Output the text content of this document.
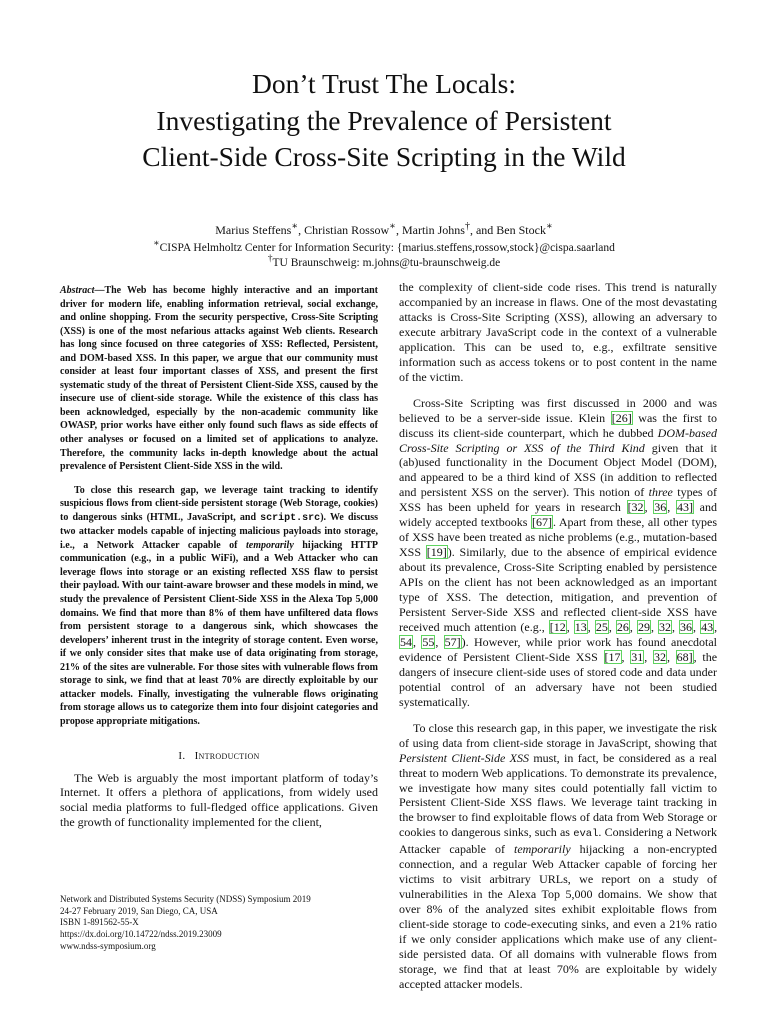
Don’t Trust The Locals:
Investigating the Prevalence of Persistent
Client-Side Cross-Site Scripting in the Wild
Marius Steffens∗, Christian Rossow∗, Martin Johns†, and Ben Stock∗
∗CISPA Helmholtz Center for Information Security: {marius.steffens,rossow,stock}@cispa.saarland
†TU Braunschweig: m.johns@tu-braunschweig.de

Abstract—The Web has become highly interactive and an important driver for modern life, enabling information retrieval, social exchange, and online shopping. From the security perspective, Cross-Site Scripting (XSS) is one of the most nefarious attacks against Web clients. Research has long since focused on three categories of XSS: Reflected, Persistent, and DOM-based XSS. In this paper, we argue that our community must consider at least four important classes of XSS, and present the first systematic study of the threat of Persistent Client-Side XSS, caused by the insecure use of client-side storage. While the existence of this class has been acknowledged, especially by the non-academic community like OWASP, prior works have either only found such flaws as side effects of other analyses or focused on a limited set of applications to analyze. Therefore, the community lacks in-depth knowledge about the actual prevalence of Persistent Client-Side XSS in the wild.

To close this research gap, we leverage taint tracking to identify suspicious flows from client-side persistent storage (Web Storage, cookies) to dangerous sinks (HTML, JavaScript, and script.src). We discuss two attacker models capable of injecting malicious payloads into storage, i.e., a Network Attacker capable of temporarily hijacking HTTP communication (e.g., in a public WiFi), and a Web Attacker who can leverage flows into storage or an existing reflected XSS flaw to persist their payload. With our taint-aware browser and these models in mind, we study the prevalence of Persistent Client-Side XSS in the Alexa Top 5,000 domains. We find that more than 8% of them have unfiltered data flows from persistent storage to a dangerous sink, which showcases the developers’ inherent trust in the integrity of storage content. Even worse, if we only consider sites that make use of data originating from storage, 21% of the sites are vulnerable. For those sites with vulnerable flows from storage to sink, we find that at least 70% are directly exploitable by our attacker models. Finally, investigating the vulnerable flows originating from storage allows us to categorize them into four disjoint categories and propose appropriate mitigations.

I. Introduction

The Web is arguably the most important platform of today’s Internet. It offers a plethora of applications, from widely used social media platforms to full-fledged office applications. Given the growth of functionality implemented for the client,

Network and Distributed Systems Security (NDSS) Symposium 2019
24-27 February 2019, San Diego, CA, USA
ISBN 1-891562-55-X
https://dx.doi.org/10.14722/ndss.2019.23009
www.ndss-symposium.org

the complexity of client-side code rises. This trend is naturally accompanied by an increase in flaws. One of the most devastating attacks is Cross-Site Scripting (XSS), allowing an adversary to execute arbitrary JavaScript code in the context of a vulnerable application. This can be used to, e.g., exfiltrate sensitive information such as access tokens or to post content in the name of the victim.

Cross-Site Scripting was first discussed in 2000 and was believed to be a server-side issue. Klein [26] was the first to discuss its client-side counterpart, which he dubbed DOM-based Cross-Site Scripting or XSS of the Third Kind given that it (ab)used functionality in the Document Object Model (DOM), and appeared to be a third kind of XSS (in addition to reflected and persistent XSS on the server). This notion of three types of XSS has been upheld for years in research [32, 36, 43] and widely accepted textbooks [67]. Apart from these, all other types of XSS have been treated as niche problems (e.g., mutation-based XSS [19]). Similarly, due to the absence of empirical evidence about its prevalence, Cross-Site Scripting enabled by persistence APIs on the client has not been acknowledged as an important type of XSS. The detection, mitigation, and prevention of Persistent Server-Side XSS and reflected client-side XSS have received much attention (e.g., [12, 13, 25, 26, 29, 32, 36, 43, 54, 55, 57]). However, while prior work has found anecdotal evidence of Persistent Client-Side XSS [17, 31, 32, 68], the dangers of insecure client-side uses of stored code and data under potential control of an adversary have not been studied systematically.

To close this research gap, in this paper, we investigate the risk of using data from client-side storage in JavaScript, showing that Persistent Client-Side XSS must, in fact, be considered as a real threat to modern Web applications. To demonstrate its prevalence, we investigate how many sites could potentially fall victim to Persistent Client-Side XSS flaws. We leverage taint tracking in the browser to find exploitable flows of data from Web Storage or cookies to dangerous sinks, such as eval. Considering a Network Attacker capable of temporarily hijacking a non-encrypted connection, and a regular Web Attacker capable of forcing her victims to visit arbitrary URLs, we report on a study of vulnerabilities in the Alexa Top 5,000 domains. We show that over 8% of the analyzed sites exhibit exploitable flows from client-side storage to code-executing sinks, and even a 21% ratio if we only consider applications which make use of any client-side persisted data. Of all domains with vulnerable flows from storage, we find that at least 70% are exploitable by widely accepted attacker models.
